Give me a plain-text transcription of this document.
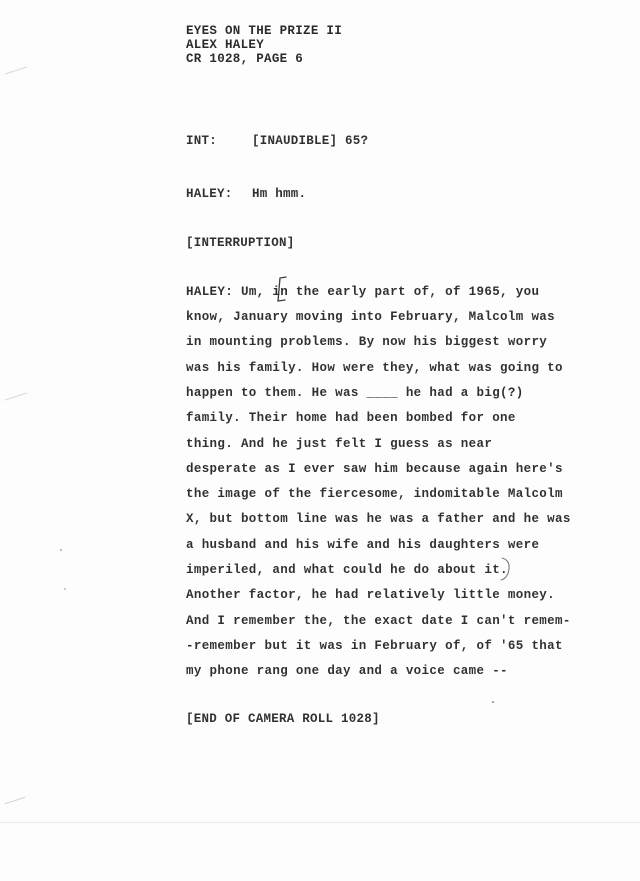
EYES ON THE PRIZE II
ALEX HALEY
CR 1028, PAGE 6
INT:	[INAUDIBLE] 65?
HALEY: Hm hmm.
[INTERRUPTION]
HALEY: Um, in the early part of, of 1965, you
know, January moving into February, Malcolm was
in mounting problems. By now his biggest worry
was his family. How were they, what was going to
happen to them. He was ____ he had a big(?)
family. Their home had been bombed for one
thing. And he just felt I guess as near
desperate as I ever saw him because again here's
the image of the fiercesome, indomitable Malcolm
X, but bottom line was he was a father and he was
a husband and his wife and his daughters were
imperiled, and what could he do about it.
Another factor, he had relatively little money.
And I remember the, the exact date I can't remem-
-remember but it was in February of, of '65 that
my phone rang one day and a voice came --
[END OF CAMERA ROLL 1028]
